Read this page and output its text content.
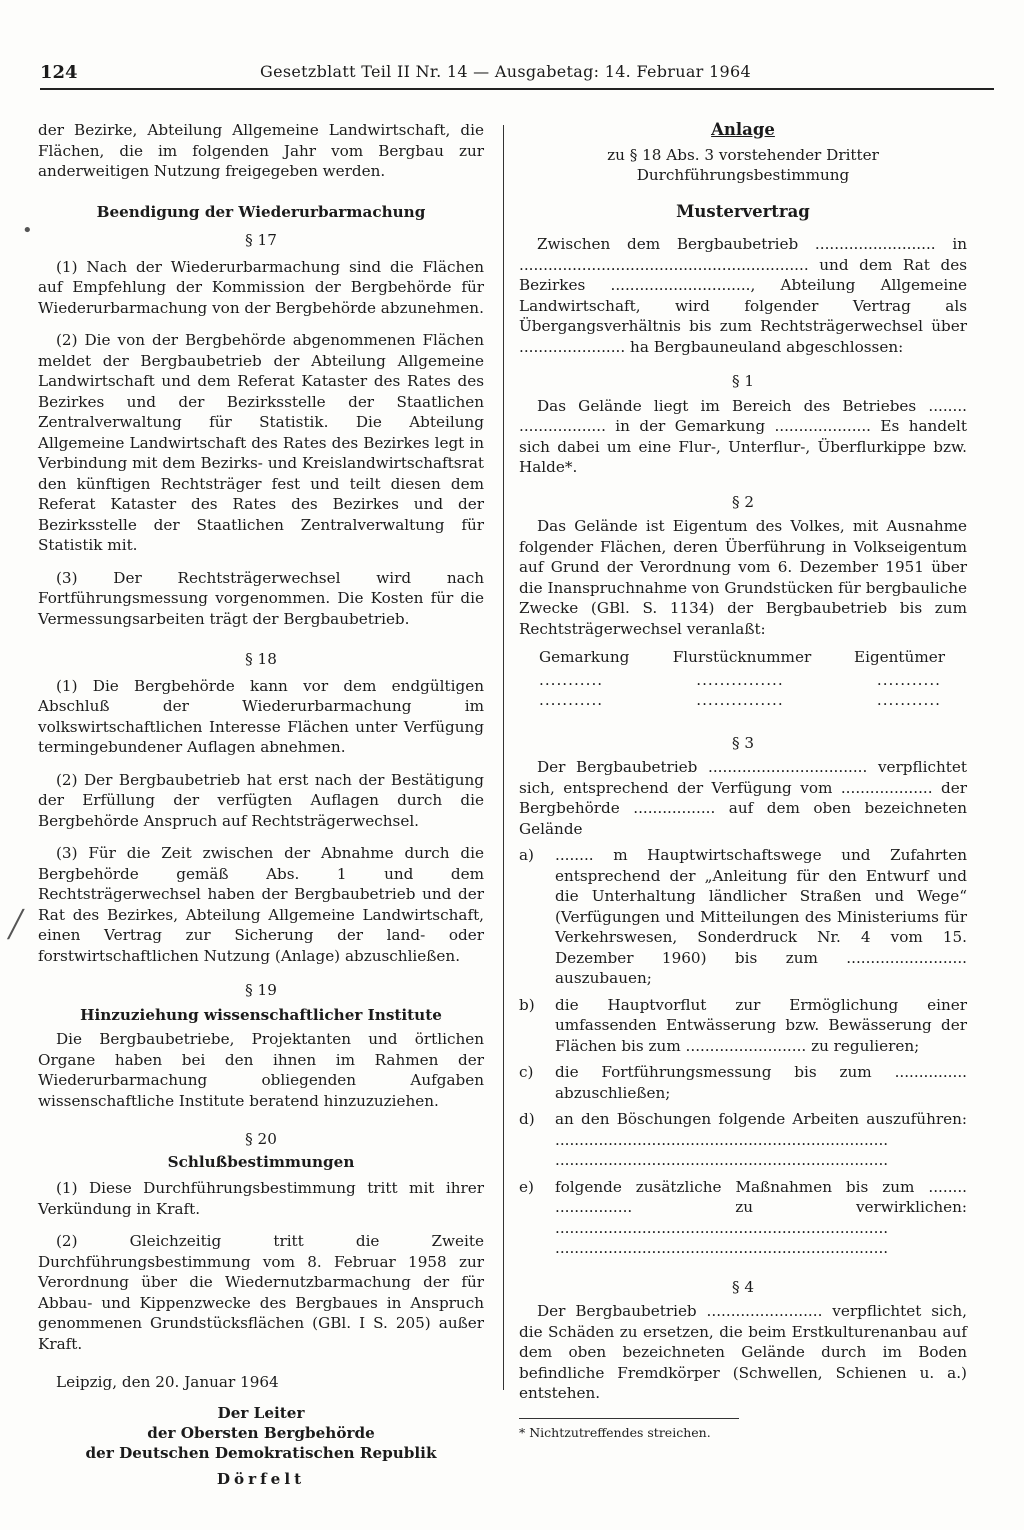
124	Gesetzblatt Teil II Nr. 14 — Ausgabetag: 14. Februar 1964

der Bezirke, Abteilung Allgemeine Landwirtschaft, die Flächen, die im folgenden Jahr vom Bergbau zur anderweitigen Nutzung freigegeben werden.

Beendigung der Wiederurbarmachung

§ 17

(1) Nach der Wiederurbarmachung sind die Flächen auf Empfehlung der Kommission der Bergbehörde für Wiederurbarmachung von der Bergbehörde abzunehmen.

(2) Die von der Bergbehörde abgenommenen Flächen meldet der Bergbaubetrieb der Abteilung Allgemeine Landwirtschaft und dem Referat Kataster des Rates des Bezirkes und der Bezirksstelle der Staatlichen Zentralverwaltung für Statistik. Die Abteilung Allgemeine Landwirtschaft des Rates des Bezirkes legt in Verbindung mit dem Bezirks- und Kreislandwirtschaftsrat den künftigen Rechtsträger fest und teilt diesen dem Referat Kataster des Rates des Bezirkes und der Bezirksstelle der Staatlichen Zentralverwaltung für Statistik mit.

(3) Der Rechtsträgerwechsel wird nach Fortführungsmessung vorgenommen. Die Kosten für die Vermessungsarbeiten trägt der Bergbaubetrieb.

§ 18

(1) Die Bergbehörde kann vor dem endgültigen Abschluß der Wiederurbarmachung im volkswirtschaftlichen Interesse Flächen unter Verfügung termingebundener Auflagen abnehmen.

(2) Der Bergbaubetrieb hat erst nach der Bestätigung der Erfüllung der verfügten Auflagen durch die Bergbehörde Anspruch auf Rechtsträgerwechsel.

(3) Für die Zeit zwischen der Abnahme durch die Bergbehörde gemäß Abs. 1 und dem Rechtsträgerwechsel haben der Bergbaubetrieb und der Rat des Bezirkes, Abteilung Allgemeine Landwirtschaft, einen Vertrag zur Sicherung der land- oder forstwirtschaftlichen Nutzung (Anlage) abzuschließen.

§ 19

Hinzuziehung wissenschaftlicher Institute

Die Bergbaubetriebe, Projektanten und örtlichen Organe haben bei den ihnen im Rahmen der Wiederurbarmachung obliegenden Aufgaben wissenschaftliche Institute beratend hinzuzuziehen.

§ 20

Schlußbestimmungen

(1) Diese Durchführungsbestimmung tritt mit ihrer Verkündung in Kraft.

(2) Gleichzeitig tritt die Zweite Durchführungsbestimmung vom 8. Februar 1958 zur Verordnung über die Wiedernutzbarmachung der für Abbau- und Kippenzwecke des Bergbaues in Anspruch genommenen Grundstücksflächen (GBl. I S. 205) außer Kraft.

Leipzig, den 20. Januar 1964

Der Leiter

der Obersten Bergbehörde

der Deutschen Demokratischen Republik

Dörfelt

Anlage

zu § 18 Abs. 3 vorstehender Dritter Durchführungsbestimmung

Mustervertrag

Zwischen dem Bergbaubetrieb ......................... in ............................................................ und dem Rat des Bezirkes ............................., Abteilung Allgemeine Landwirtschaft, wird folgender Vertrag als Übergangsverhältnis bis zum Rechtsträgerwechsel über ...................... ha Bergbauneuland abgeschlossen:

§ 1

Das Gelände liegt im Bereich des Betriebes ........ .................. in der Gemarkung .................... Es handelt sich dabei um eine Flur-, Unterflur-, Überflurkippe bzw. Halde*.

§ 2

Das Gelände ist Eigentum des Volkes, mit Ausnahme folgender Flächen, deren Überführung in Volkseigentum auf Grund der Verordnung vom 6. Dezember 1951 über die Inanspruchnahme von Grundstücken für bergbauliche Zwecke (GBl. S. 1134) der Bergbaubetrieb bis zum Rechtsträgerwechsel veranlaßt:

Gemarkung	Flurstücknummer	Eigentümer
...........	...............	...........
...........	...............	...........

§ 3

Der Bergbaubetrieb ................................. verpflichtet sich, entsprechend der Verfügung vom ................... der Bergbehörde ................. auf dem oben bezeichneten Gelände

a)	........ m Hauptwirtschaftswege und Zufahrten entsprechend der „Anleitung für den Entwurf und die Unterhaltung ländlicher Straßen und Wege“ (Verfügungen und Mitteilungen des Ministeriums für Verkehrswesen, Sonderdruck Nr. 4 vom 15. Dezember 1960) bis zum ......................... auszubauen;
b)	die Hauptvorflut zur Ermöglichung einer umfassenden Entwässerung bzw. Bewässerung der Flächen bis zum ......................... zu regulieren;
c)	die Fortführungsmessung bis zum ............... abzuschließen;
d)	an den Böschungen folgende Arbeiten auszuführen: ..................................................................... .....................................................................
e)	folgende zusätzliche Maßnahmen bis zum ........ ................ zu verwirklichen: ..................................................................... .....................................................................

§ 4

Der Bergbaubetrieb ........................ verpflichtet sich, die Schäden zu ersetzen, die beim Erstkulturenanbau auf dem oben bezeichneten Gelände durch im Boden befindliche Fremdkörper (Schwellen, Schienen u. a.) entstehen.

* Nichtzutreffendes streichen.
•
╱
